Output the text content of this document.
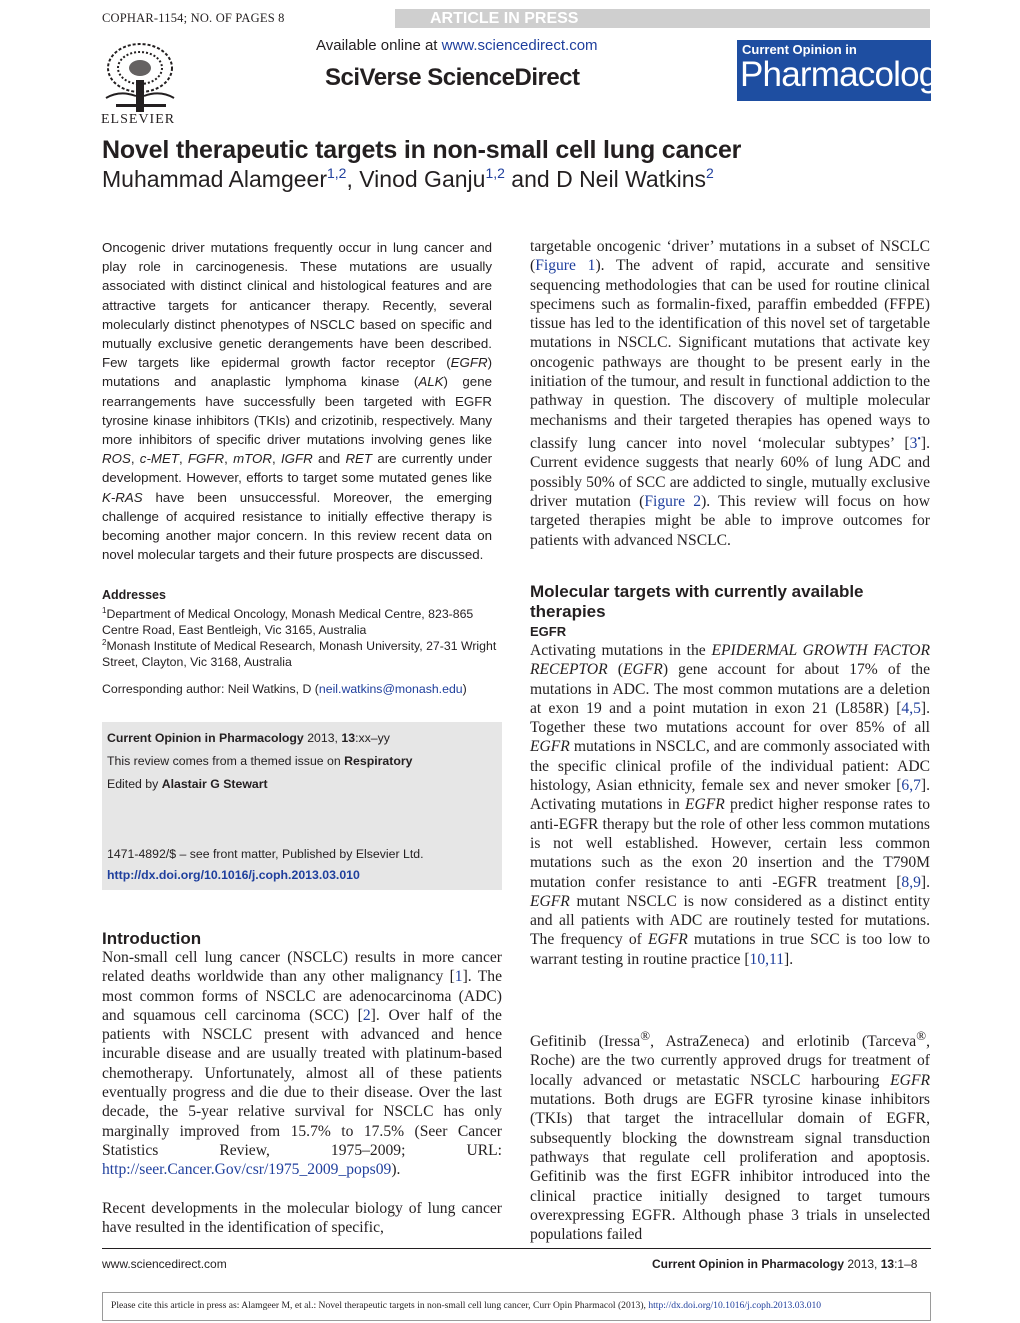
COPHAR-1154; NO. OF PAGES 8	ARTICLE IN PRESS
ELSEVIER
Available online at www.sciencedirect.com
SciVerse ScienceDirect
Current Opinion in
Pharmacology
Novel therapeutic targets in non-small cell lung cancer
Muhammad Alamgeer$^{1,2}$, Vinod Ganju$^{1,2}$ and D Neil Watkins$^2$
Oncogenic driver mutations frequently occur in lung cancer and play role in carcinogenesis. These mutations are usually associated with distinct clinical and histological features and are attractive targets for anticancer therapy. Recently, several molecularly distinct phenotypes of NSCLC based on specific and mutually exclusive genetic derangements have been described. Few targets like epidermal growth factor receptor (EGFR) mutations and anaplastic lymphoma kinase (ALK) gene rearrangements have successfully been targeted with EGFR tyrosine kinase inhibitors (TKIs) and crizotinib, respectively. Many more inhibitors of specific driver mutations involving genes like ROS, c-MET, FGFR, mTOR, IGFR and RET are currently under development. However, efforts to target some mutated genes like K-RAS have been unsuccessful. Moreover, the emerging challenge of acquired resistance to initially effective therapy is becoming another major concern. In this review recent data on novel molecular targets and their future prospects are discussed.
Addresses
$^1$Department of Medical Oncology, Monash Medical Centre, 823-865 Centre Road, East Bentleigh, Vic 3165, Australia
$^2$Monash Institute of Medical Research, Monash University, 27-31 Wright Street, Clayton, Vic 3168, Australia
Corresponding author: Neil Watkins, D (neil.watkins@monash.edu)
Current Opinion in Pharmacology 2013, 13:xx–yy
This review comes from a themed issue on Respiratory
Edited by Alastair G Stewart
1471-4892/$ – see front matter, Published by Elsevier Ltd.
http://dx.doi.org/10.1016/j.coph.2013.03.010
Introduction
Non-small cell lung cancer (NSCLC) results in more cancer related deaths worldwide than any other malignancy [1]. The most common forms of NSCLC are adenocarcinoma (ADC) and squamous cell carcinoma (SCC) [2]. Over half of the patients with NSCLC present with advanced and hence incurable disease and are usually treated with platinum-based chemotherapy. Unfortunately, almost all of these patients eventually progress and die due to their disease. Over the last decade, the 5-year relative survival for NSCLC has only marginally improved from 15.7% to 17.5% (Seer Cancer Statistics Review, 1975–2009; URL: http://seer.Cancer.Gov/csr/1975_2009_pops09).
Recent developments in the molecular biology of lung cancer have resulted in the identification of specific,
targetable oncogenic ‘driver’ mutations in a subset of NSCLC (Figure 1). The advent of rapid, accurate and sensitive sequencing methodologies that can be used for routine clinical specimens such as formalin-fixed, paraffin embedded (FFPE) tissue has led to the identification of this novel set of targetable mutations in NSCLC. Significant mutations that activate key oncogenic pathways are thought to be present early in the initiation of the tumour, and result in functional addiction to the pathway in question. The discovery of multiple molecular mechanisms and their targeted therapies has opened ways to classify lung cancer into novel ‘molecular subtypes’ [3•]. Current evidence suggests that nearly 60% of lung ADC and possibly 50% of SCC are addicted to single, mutually exclusive driver mutation (Figure 2). This review will focus on how targeted therapies might be able to improve outcomes for patients with advanced NSCLC.
Molecular targets with currently available therapies
EGFR
Activating mutations in the EPIDERMAL GROWTH FACTOR RECEPTOR (EGFR) gene account for about 17% of the mutations in ADC. The most common mutations are a deletion at exon 19 and a point mutation in exon 21 (L858R) [4,5]. Together these two mutations account for over 85% of all EGFR mutations in NSCLC, and are commonly associated with the specific clinical profile of the individual patient: ADC histology, Asian ethnicity, female sex and never smoker [6,7]. Activating mutations in EGFR predict higher response rates to anti-EGFR therapy but the role of other less common mutations is not well established. However, certain less common mutations such as the exon 20 insertion and the T790M mutation confer resistance to anti -EGFR treatment [8,9]. EGFR mutant NSCLC is now considered as a distinct entity and all patients with ADC are routinely tested for mutations. The frequency of EGFR mutations in true SCC is too low to warrant testing in routine practice [10,11].
Gefitinib (Iressa®, AstraZeneca) and erlotinib (Tarceva®, Roche) are the two currently approved drugs for treatment of locally advanced or metastatic NSCLC harbouring EGFR mutations. Both drugs are EGFR tyrosine kinase inhibitors (TKIs) that target the intracellular domain of EGFR, subsequently blocking the downstream signal transduction pathways that regulate cell proliferation and apoptosis. Gefitinib was the first EGFR inhibitor introduced into the clinical practice initially designed to target tumours overexpressing EGFR. Although phase 3 trials in unselected populations failed
www.sciencedirect.com	Current Opinion in Pharmacology 2013, 13:1–8
Please cite this article in press as: Alamgeer M, et al.: Novel therapeutic targets in non-small cell lung cancer, Curr Opin Pharmacol (2013), http://dx.doi.org/10.1016/j.coph.2013.03.010
